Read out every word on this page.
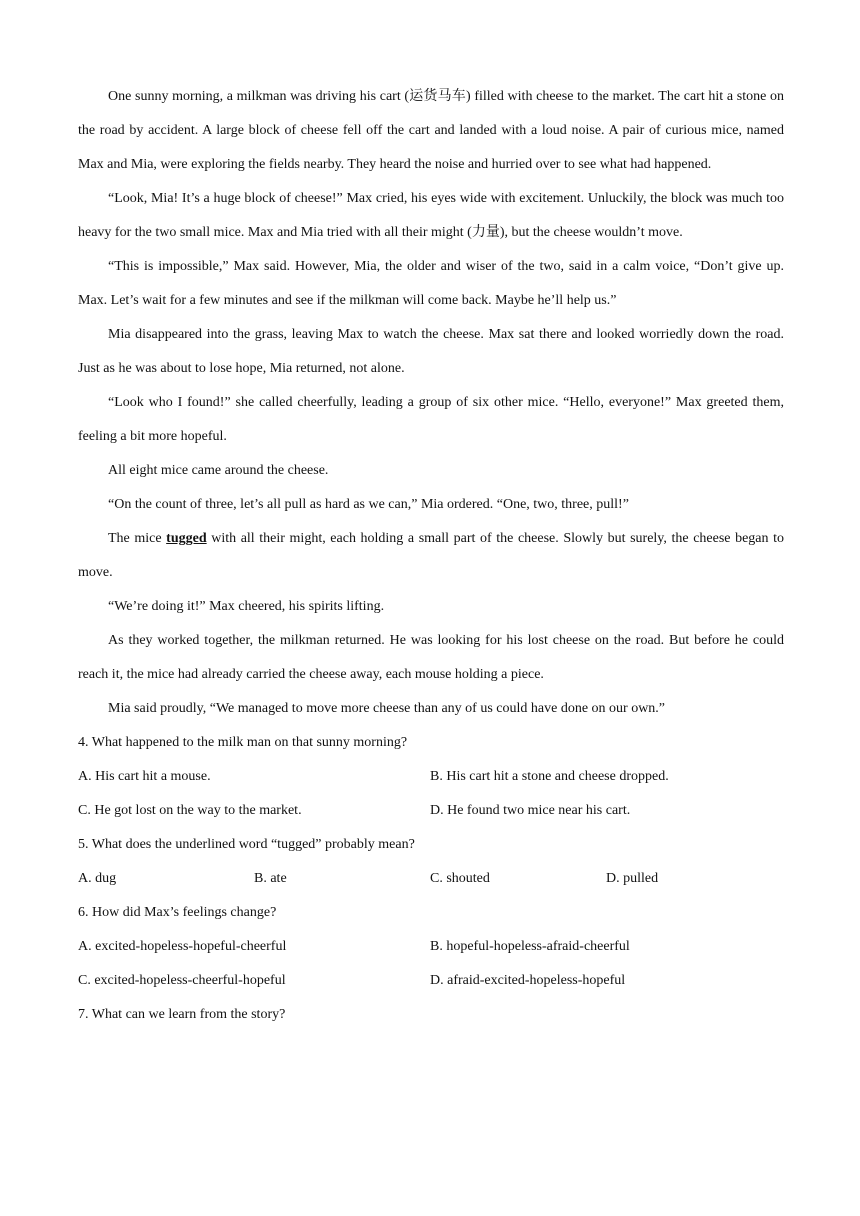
One sunny morning, a milkman was driving his cart (运货马车) filled with cheese to the market. The cart hit a stone on the road by accident. A large block of cheese fell off the cart and landed with a loud noise. A pair of curious mice, named Max and Mia, were exploring the fields nearby. They heard the noise and hurried over to see what had happened.

“Look, Mia! It’s a huge block of cheese!” Max cried, his eyes wide with excitement. Unluckily, the block was much too heavy for the two small mice. Max and Mia tried with all their might (力量), but the cheese wouldn’t move.

“This is impossible,” Max said. However, Mia, the older and wiser of the two, said in a calm voice, “Don’t give up. Max. Let’s wait for a few minutes and see if the milkman will come back. Maybe he’ll help us.”

Mia disappeared into the grass, leaving Max to watch the cheese. Max sat there and looked worriedly down the road. Just as he was about to lose hope, Mia returned, not alone.

“Look who I found!” she called cheerfully, leading a group of six other mice. “Hello, everyone!” Max greeted them, feeling a bit more hopeful.

All eight mice came around the cheese.

“On the count of three, let’s all pull as hard as we can,” Mia ordered. “One, two, three, pull!”

The mice tugged with all their might, each holding a small part of the cheese. Slowly but surely, the cheese began to move.

“We’re doing it!” Max cheered, his spirits lifting.

As they worked together, the milkman returned. He was looking for his lost cheese on the road. But before he could reach it, the mice had already carried the cheese away, each mouse holding a piece.

Mia said proudly, “We managed to move more cheese than any of us could have done on our own.”

4. What happened to the milk man on that sunny morning?

A. His cart hit a mouse.	B. His cart hit a stone and cheese dropped.
C. He got lost on the way to the market.	D. He found two mice near his cart.

5. What does the underlined word “tugged” probably mean?

A. dug	B. ate	C. shouted	D. pulled

6. How did Max’s feelings change?

A. excited-hopeless-hopeful-cheerful	B. hopeful-hopeless-afraid-cheerful
C. excited-hopeless-cheerful-hopeful	D. afraid-excited-hopeless-hopeful

7. What can we learn from the story?
